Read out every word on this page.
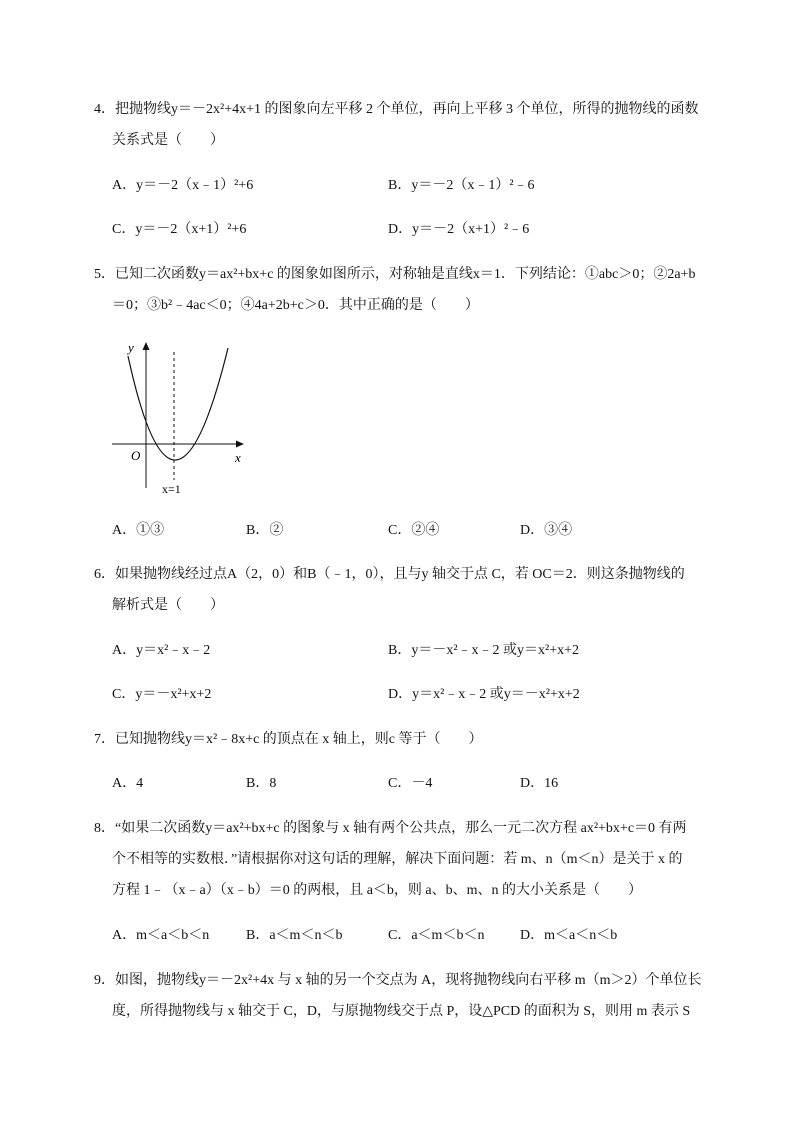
4．把抛物线y＝－2x²+4x+1 的图象向左平移 2 个单位，再向上平移 3 个单位，所得的抛物线的函数
关系式是（　　）
A．y＝－2（x﹣1）²+6	B．y＝－2（x﹣1）²﹣6
C．y＝－2（x+1）²+6	D．y＝－2（x+1）²﹣6
5．已知二次函数y＝ax²+bx+c 的图象如图所示，对称轴是直线x＝1．下列结论：①abc＞0；②2a+b
＝0；③b²﹣4ac＜0；④4a+2b+c＞0．其中正确的是（　　）
y
x
O
x=1
A．①③	B．②	C．②④	D．③④
6．如果抛物线经过点A（2，0）和B（﹣1，0），且与y 轴交于点 C，若 OC＝2．则这条抛物线的
解析式是（　　）
A．y＝x²﹣x﹣2	B．y＝－x²﹣x﹣2 或y＝x²+x+2
C．y＝－x²+x+2	D．y＝x²﹣x﹣2 或y＝－x²+x+2
7．已知抛物线y＝x²﹣8x+c 的顶点在 x 轴上，则c 等于（　　）
A．4	B．8	C．－4	D．16
8．“如果二次函数y＝ax²+bx+c 的图象与 x 轴有两个公共点，那么一元二次方程 ax²+bx+c＝0 有两
个不相等的实数根．”请根据你对这句话的理解，解决下面问题：若 m、n（m＜n）是关于 x 的
方程 1﹣（x﹣a）（x﹣b）＝0 的两根，且 a＜b，则 a、b、m、n 的大小关系是（　　）
A．m＜a＜b＜n	B．a＜m＜n＜b	C．a＜m＜b＜n	D．m＜a＜n＜b
9．如图，抛物线y＝－2x²+4x 与 x 轴的另一个交点为 A，现将抛物线向右平移 m（m＞2）个单位长
度，所得抛物线与 x 轴交于 C，D，与原抛物线交于点 P，设△PCD 的面积为 S，则用 m 表示 S
